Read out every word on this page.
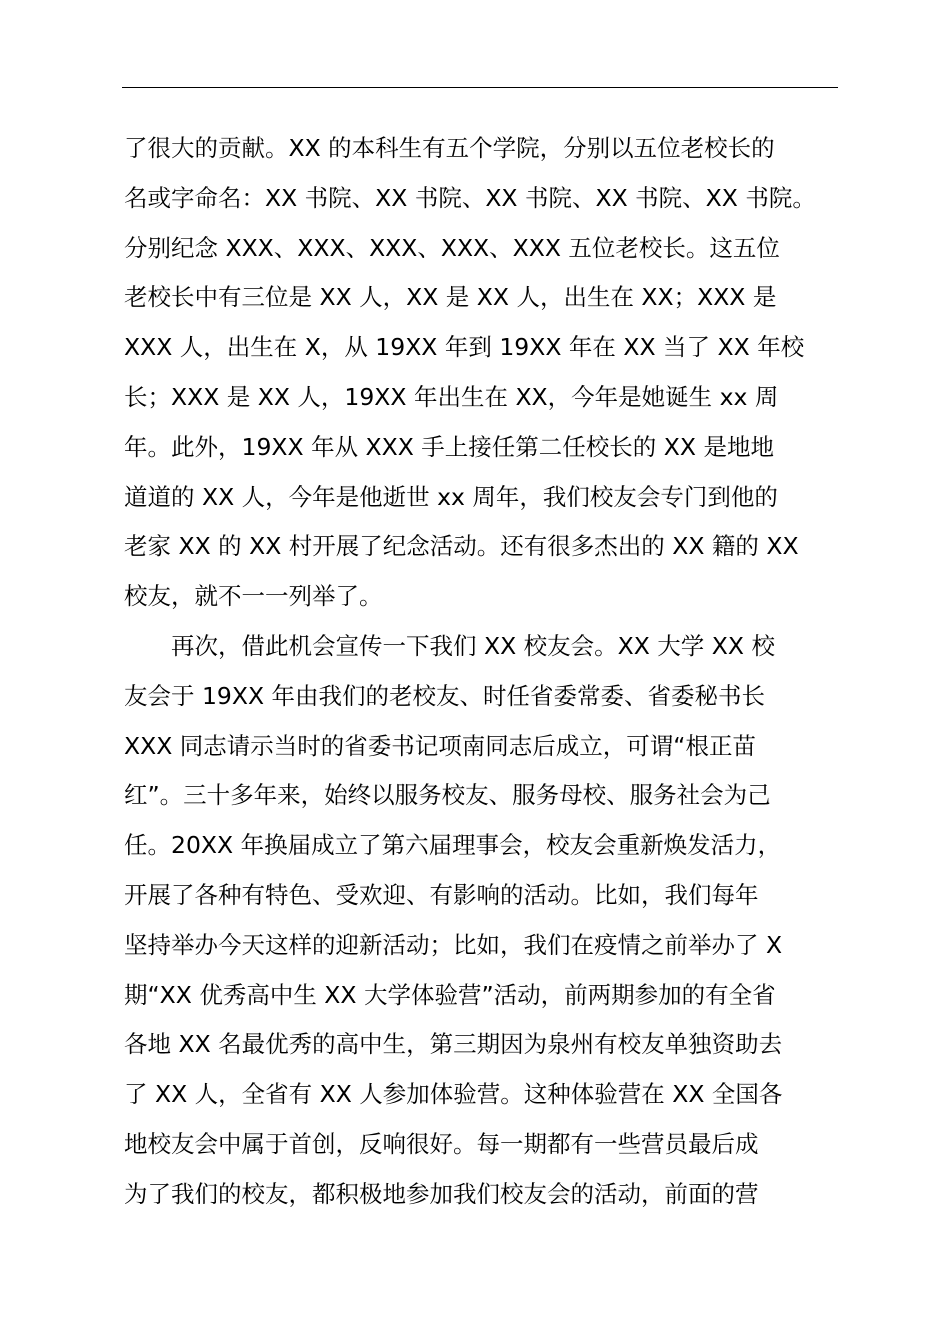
了很大的贡献。XX 的本科生有五个学院，分别以五位老校长的
名或字命名：XX 书院、XX 书院、XX 书院、XX 书院、XX 书院。
分别纪念 XXX、XXX、XXX、XXX、XXX 五位老校长。这五位
老校长中有三位是 XX 人，XX 是 XX 人，出生在 XX；XXX 是
XXX 人，出生在 X，从 19XX 年到 19XX 年在 XX 当了 XX 年校
长；XXX 是 XX 人，19XX 年出生在 XX，今年是她诞生 xx 周
年。此外，19XX 年从 XXX 手上接任第二任校长的 XX 是地地
道道的 XX 人，今年是他逝世 xx 周年，我们校友会专门到他的
老家 XX 的 XX 村开展了纪念活动。还有很多杰出的 XX 籍的 XX
校友，就不一一列举了。
　　再次，借此机会宣传一下我们 XX 校友会。XX 大学 XX 校
友会于 19XX 年由我们的老校友、时任省委常委、省委秘书长
XXX 同志请示当时的省委书记项南同志后成立，可谓“根正苗
红”。三十多年来，始终以服务校友、服务母校、服务社会为己
任。20XX 年换届成立了第六届理事会，校友会重新焕发活力，
开展了各种有特色、受欢迎、有影响的活动。比如，我们每年
坚持举办今天这样的迎新活动；比如，我们在疫情之前举办了 X
期“XX 优秀高中生 XX 大学体验营”活动，前两期参加的有全省
各地 XX 名最优秀的高中生，第三期因为泉州有校友单独资助去
了 XX 人，全省有 XX 人参加体验营。这种体验营在 XX 全国各
地校友会中属于首创，反响很好。每一期都有一些营员最后成
为了我们的校友，都积极地参加我们校友会的活动，前面的营
